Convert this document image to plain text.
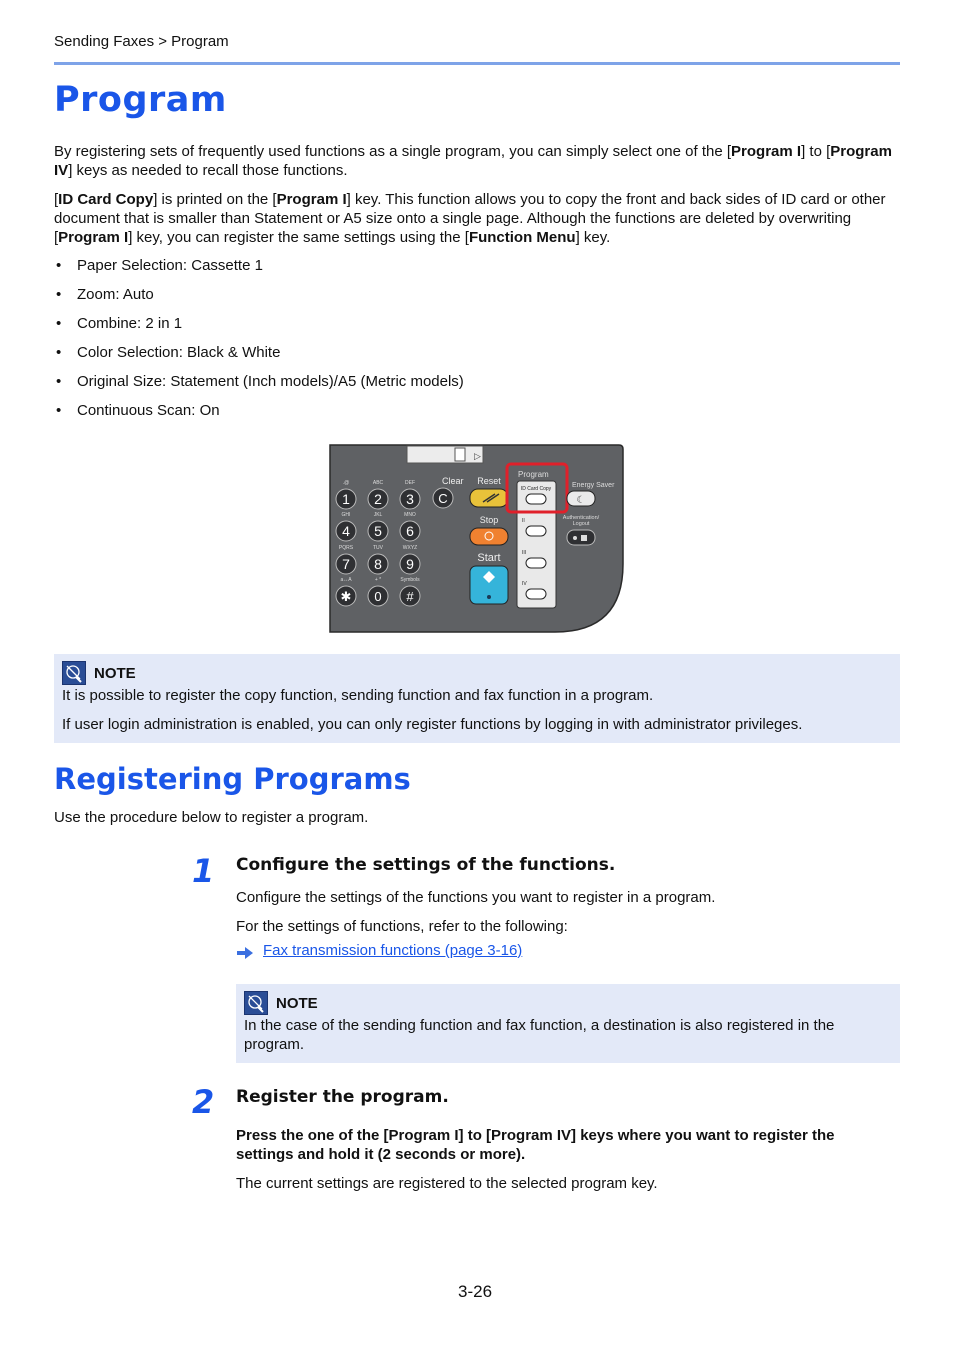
Sending Faxes > Program
Program

By registering sets of frequently used functions as a single program, you can simply select one of the [Program I] to [Program IV] keys as needed to recall those functions.

[ID Card Copy] is printed on the [Program I] key. This function allows you to copy the front and back sides of ID card or other document that is smaller than Statement or A5 size onto a single page. Although the functions are deleted by overwriting [Program I] key, you can register the same settings using the [Function Menu] key.

• Paper Selection: Cassette 1
• Zoom: Auto
• Combine: 2 in 1
• Color Selection: Black & White
• Original Size: Statement (Inch models)/A5 (Metric models)
• Continuous Scan: On
▷
.@
1
ABC
2
DEF
3
GHI
4
JKL
5
MNO
6
PQRS
7
TUV
8
WXYZ
9
a↔A	+ *	Symbols
✱ 0 #
Clear
C
Reset
Stop
Start
Program
ID Card Copy
II
III
IV
Energy Saver
☾
Authentication/
Logout
NOTE

It is possible to register the copy function, sending function and fax function in a program.

If user login administration is enabled, you can only register functions by logging in with administrator privileges.

Registering Programs

Use the procedure below to register a program.

1 Configure the settings of the functions.

Configure the settings of the functions you want to register in a program.

For the settings of functions, refer to the following:

Fax transmission functions (page 3-16)
NOTE

In the case of the sending function and fax function, a destination is also registered in the program.

2 Register the program.

Press the one of the [Program I] to [Program IV] keys where you want to register the settings and hold it (2 seconds or more).

The current settings are registered to the selected program key.

3-26
